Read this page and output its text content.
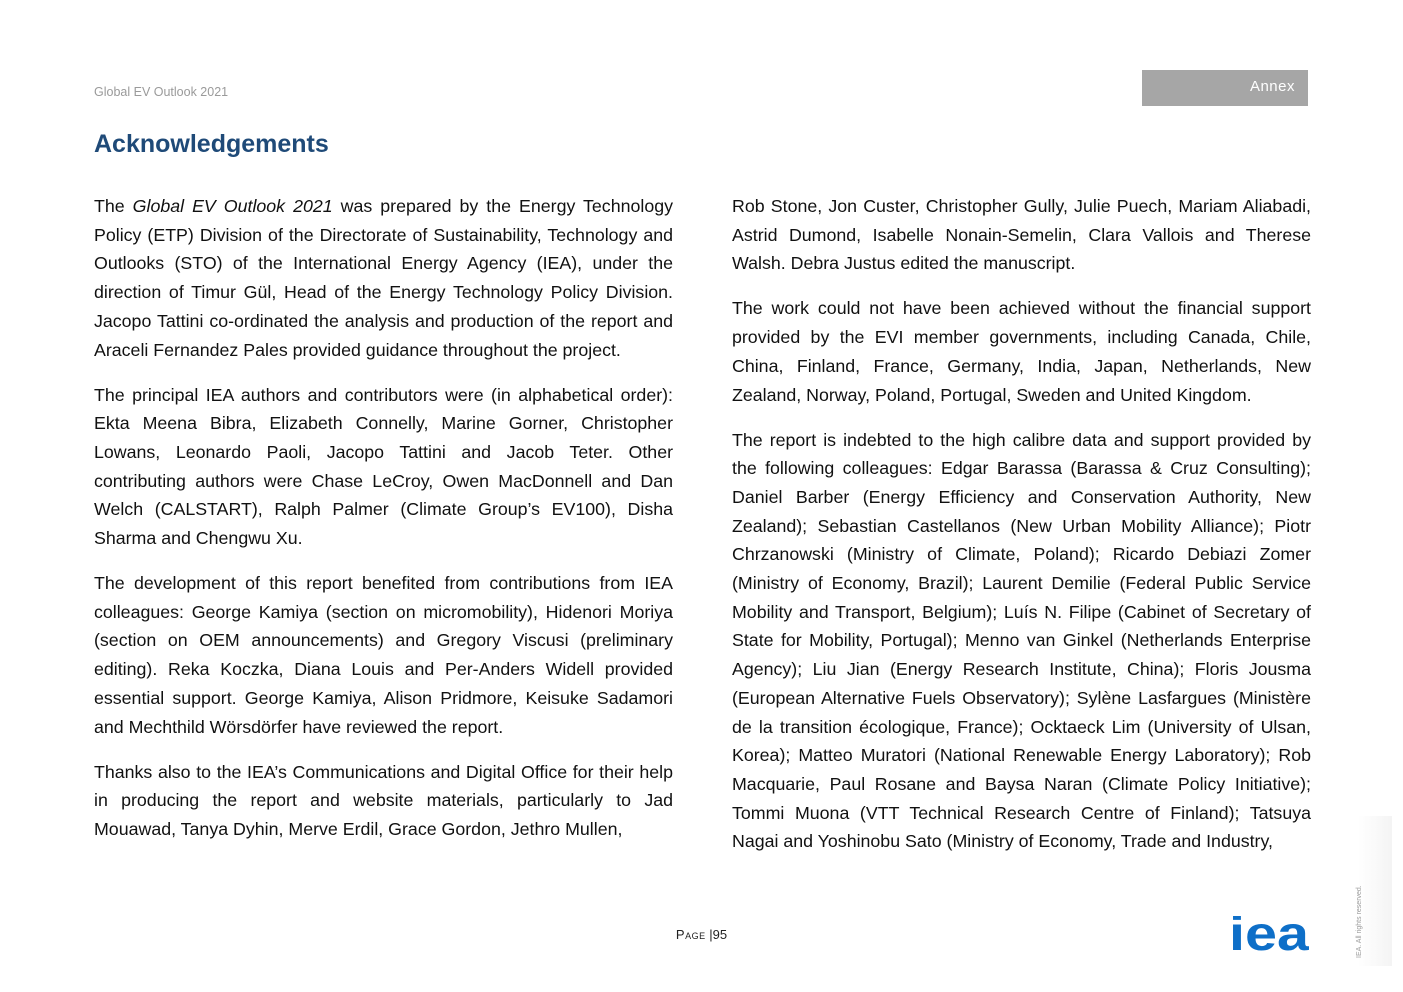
Global EV Outlook 2021	Annex
Acknowledgements

The Global EV Outlook 2021 was prepared by the Energy Technology Policy (ETP) Division of the Directorate of Sustainability, Technology and Outlooks (STO) of the International Energy Agency (IEA), under the direction of Timur Gül, Head of the Energy Technology Policy Division. Jacopo Tattini co-ordinated the analysis and production of the report and Araceli Fernandez Pales provided guidance throughout the project.

The principal IEA authors and contributors were (in alphabetical order): Ekta Meena Bibra, Elizabeth Connelly, Marine Gorner, Christopher Lowans, Leonardo Paoli, Jacopo Tattini and Jacob Teter. Other contributing authors were Chase LeCroy, Owen MacDonnell and Dan Welch (CALSTART), Ralph Palmer (Climate Group’s EV100), Disha Sharma and Chengwu Xu.

The development of this report benefited from contributions from IEA colleagues: George Kamiya (section on micromobility), Hidenori Moriya (section on OEM announcements) and Gregory Viscusi (preliminary editing). Reka Koczka, Diana Louis and Per-Anders Widell provided essential support. George Kamiya, Alison Pridmore, Keisuke Sadamori and Mechthild Wörsdörfer have reviewed the report.

Thanks also to the IEA’s Communications and Digital Office for their help in producing the report and website materials, particularly to Jad Mouawad, Tanya Dyhin, Merve Erdil, Grace Gordon, Jethro Mullen,

Rob Stone, Jon Custer, Christopher Gully, Julie Puech, Mariam Aliabadi, Astrid Dumond, Isabelle Nonain-Semelin, Clara Vallois and Therese Walsh. Debra Justus edited the manuscript.

The work could not have been achieved without the financial support provided by the EVI member governments, including Canada, Chile, China, Finland, France, Germany, India, Japan, Netherlands, New Zealand, Norway, Poland, Portugal, Sweden and United Kingdom.

The report is indebted to the high calibre data and support provided by the following colleagues: Edgar Barassa (Barassa & Cruz Consulting); Daniel Barber (Energy Efficiency and Conservation Authority, New Zealand); Sebastian Castellanos (New Urban Mobility Alliance); Piotr Chrzanowski (Ministry of Climate, Poland); Ricardo Debiazi Zomer (Ministry of Economy, Brazil); Laurent Demilie (Federal Public Service Mobility and Transport, Belgium); Luís N. Filipe (Cabinet of Secretary of State for Mobility, Portugal); Menno van Ginkel (Netherlands Enterprise Agency); Liu Jian (Energy Research Institute, China); Floris Jousma (European Alternative Fuels Observatory); Sylène Lasfargues (Ministère de la transition écologique, France); Ocktaeck Lim (University of Ulsan, Korea); Matteo Muratori (National Renewable Energy Laboratory); Rob Macquarie, Paul Rosane and Baysa Naran (Climate Policy Initiative); Tommi Muona (VTT Technical Research Centre of Finland); Tatsuya Nagai and Yoshinobu Sato (Ministry of Economy, Trade and Industry,

Page |95	iea	IEA. All rights reserved.
